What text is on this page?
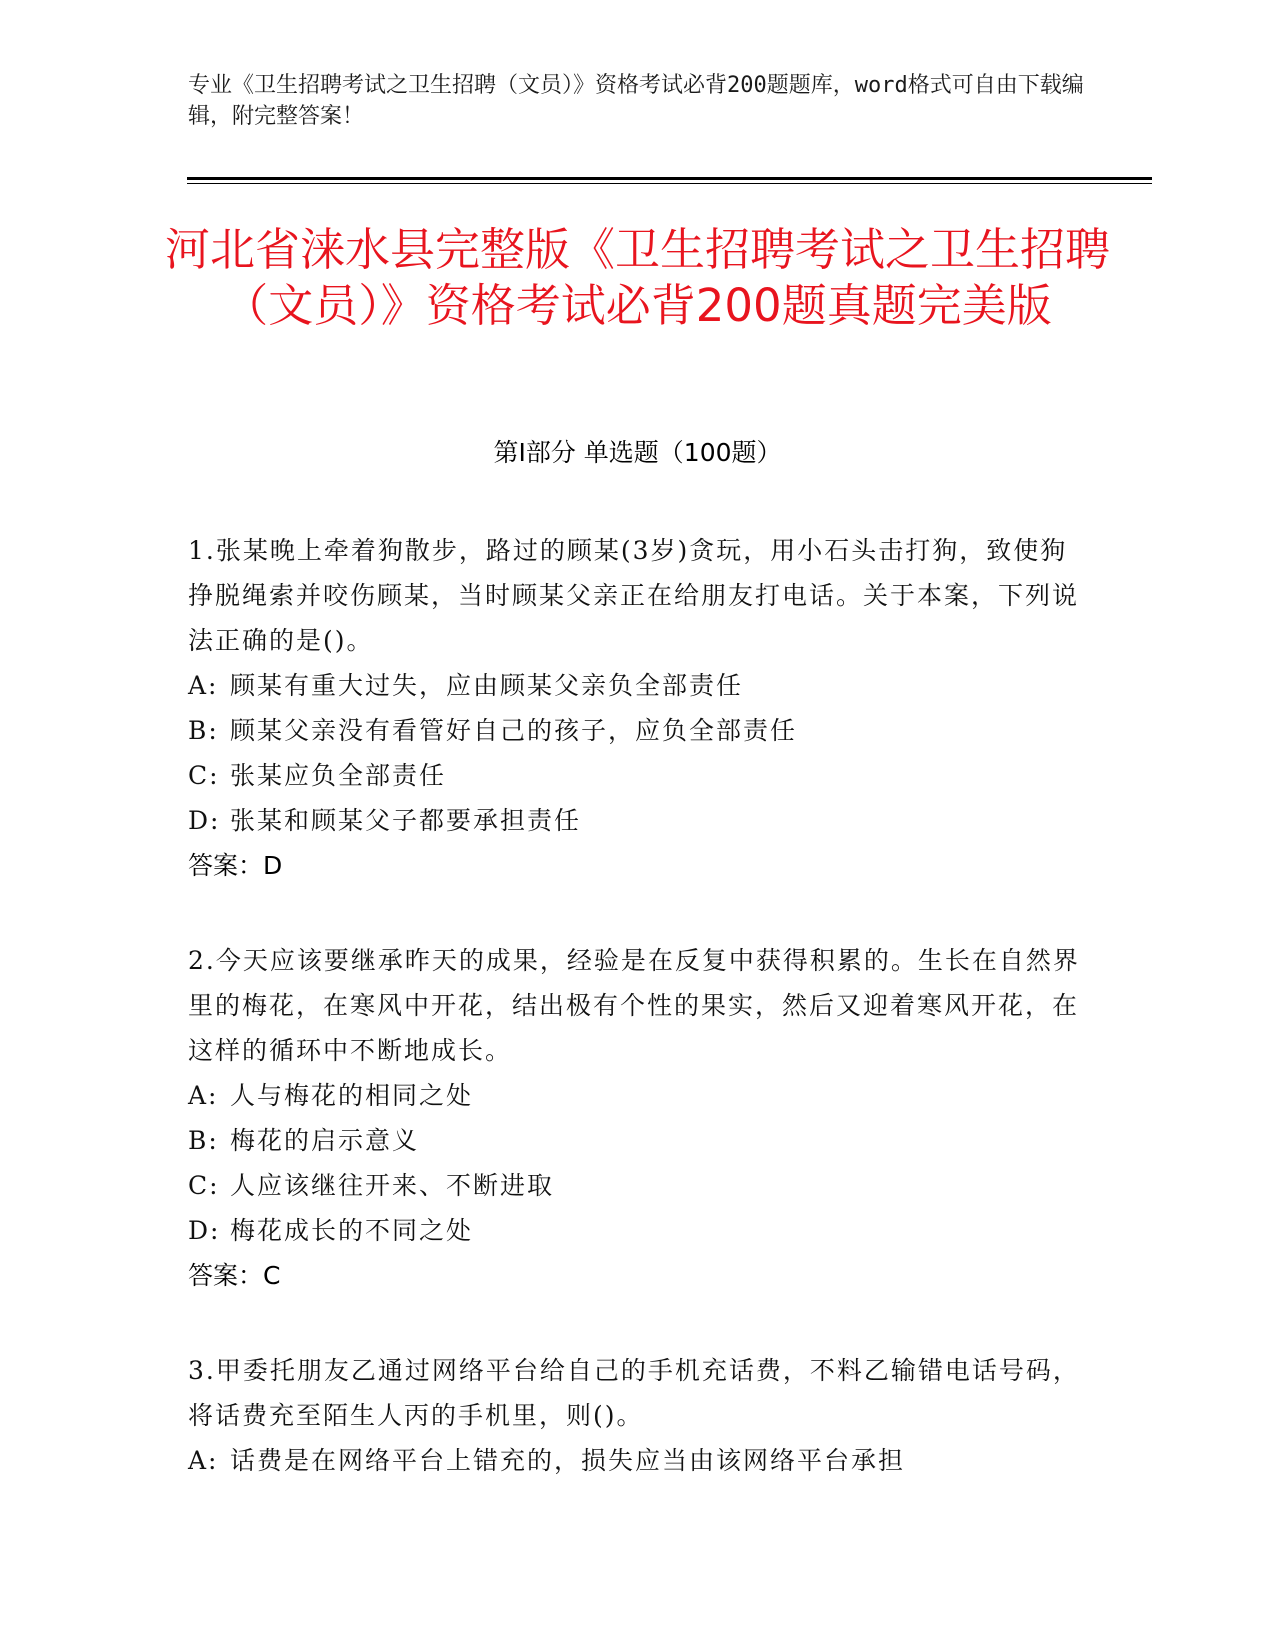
专业《卫生招聘考试之卫生招聘（文员）》资格考试必背200题题库，word格式可自由下载编辑，附完整答案！
河北省涞水县完整版《卫生招聘考试之卫生招聘（文员）》资格考试必背200题真题完美版
第Ⅰ部分 单选题（100题）
1.张某晚上牵着狗散步，路过的顾某(3岁)贪玩，用小石头击打狗，致使狗挣脱绳索并咬伤顾某，当时顾某父亲正在给朋友打电话。关于本案，下列说法正确的是()。
A: 顾某有重大过失，应由顾某父亲负全部责任
B: 顾某父亲没有看管好自己的孩子，应负全部责任
C: 张某应负全部责任
D: 张某和顾某父子都要承担责任
答案：D
2.今天应该要继承昨天的成果，经验是在反复中获得积累的。生长在自然界里的梅花，在寒风中开花，结出极有个性的果实，然后又迎着寒风开花，在这样的循环中不断地成长。
A: 人与梅花的相同之处
B: 梅花的启示意义
C: 人应该继往开来、不断进取
D: 梅花成长的不同之处
答案：C
3.甲委托朋友乙通过网络平台给自己的手机充话费，不料乙输错电话号码，将话费充至陌生人丙的手机里，则()。
A: 话费是在网络平台上错充的，损失应当由该网络平台承担
